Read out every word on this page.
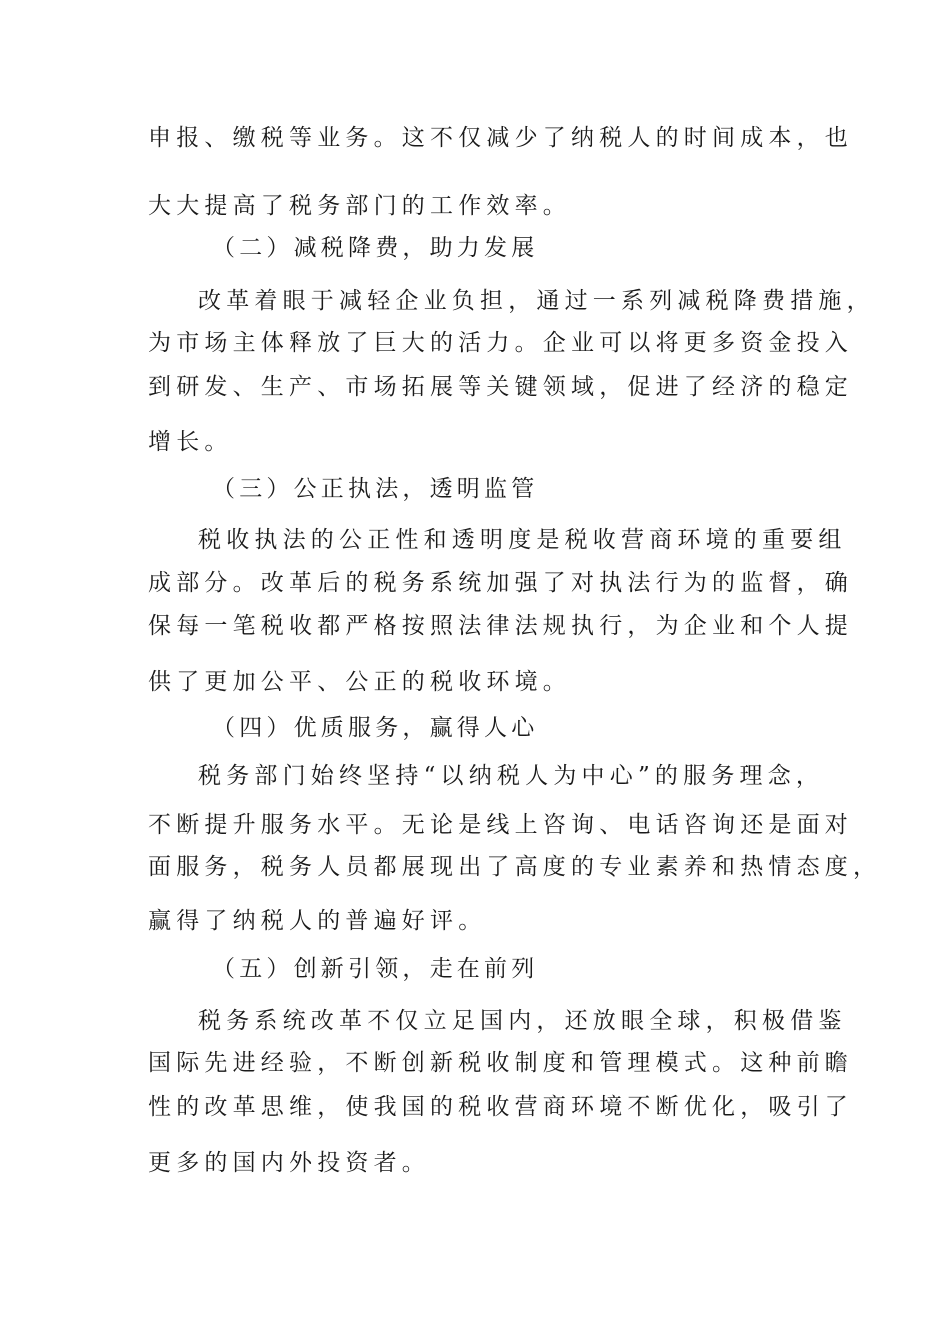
申报、缴税等业务。这不仅减少了纳税人的时间成本，也
大大提高了税务部门的工作效率。
（二）减税降费，助力发展
改革着眼于减轻企业负担，通过一系列减税降费措施，
为市场主体释放了巨大的活力。企业可以将更多资金投入
到研发、生产、市场拓展等关键领域，促进了经济的稳定
增长。
（三）公正执法，透明监管
税收执法的公正性和透明度是税收营商环境的重要组
成部分。改革后的税务系统加强了对执法行为的监督，确
保每一笔税收都严格按照法律法规执行，为企业和个人提
供了更加公平、公正的税收环境。
（四）优质服务，赢得人心
税务部门始终坚持“以纳税人为中心”的服务理念，
不断提升服务水平。无论是线上咨询、电话咨询还是面对
面服务，税务人员都展现出了高度的专业素养和热情态度，
赢得了纳税人的普遍好评。
（五）创新引领，走在前列
税务系统改革不仅立足国内，还放眼全球，积极借鉴
国际先进经验，不断创新税收制度和管理模式。这种前瞻
性的改革思维，使我国的税收营商环境不断优化，吸引了
更多的国内外投资者。
